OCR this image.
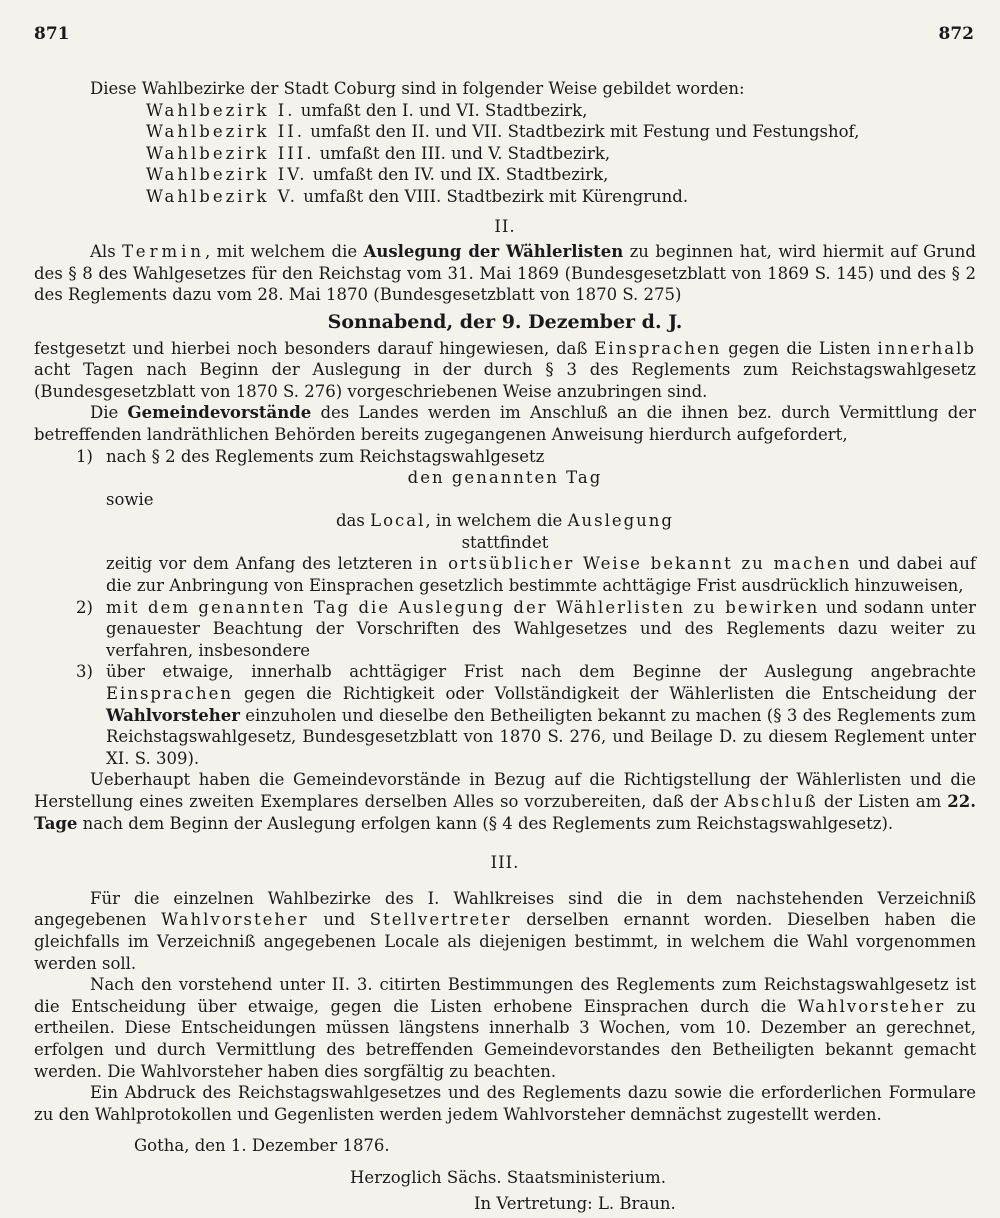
871	872

Diese Wahlbezirke der Stadt Coburg sind in folgender Weise gebildet worden:

Wahlbezirk I. umfaßt den I. und VI. Stadtbezirk,
Wahlbezirk II. umfaßt den II. und VII. Stadtbezirk mit Festung und Festungshof,
Wahlbezirk III. umfaßt den III. und V. Stadtbezirk,
Wahlbezirk IV. umfaßt den IV. und IX. Stadtbezirk,
Wahlbezirk V. umfaßt den VIII. Stadtbezirk mit Kürengrund.
II.

Als Termin, mit welchem die Auslegung der Wählerlisten zu beginnen hat, wird hiermit auf Grund des § 8 des Wahlgesetzes für den Reichstag vom 31. Mai 1869 (Bundesgesetzblatt von 1869 S. 145) und des § 2 des Reglements dazu vom 28. Mai 1870 (Bundesgesetzblatt von 1870 S. 275)

Sonnabend, der 9. Dezember d. J.

festgesetzt und hierbei noch besonders darauf hingewiesen, daß Einsprachen gegen die Listen innerhalb acht Tagen nach Beginn der Auslegung in der durch § 3 des Reglements zum Reichstagswahlgesetz (Bundesgesetzblatt von 1870 S. 276) vorgeschriebenen Weise anzubringen sind.

Die Gemeindevorstände des Landes werden im Anschluß an die ihnen bez. durch Vermittlung der betreffenden landräthlichen Behörden bereits zugegangenen Anweisung hierdurch aufgefordert,

1) nach § 2 des Reglements zum Reichstagswahlgesetz
den genannten Tag
sowie
das Local, in welchem die Auslegung
stattfindet

zeitig vor dem Anfang des letzteren in ortsüblicher Weise bekannt zu machen und dabei auf die zur Anbringung von Einsprachen gesetzlich bestimmte achttägige Frist ausdrücklich hinzuweisen,

2) mit dem genannten Tag die Auslegung der Wählerlisten zu bewirken und sodann unter genauester Beachtung der Vorschriften des Wahlgesetzes und des Reglements dazu weiter zu verfahren, insbesondere
3) über etwaige, innerhalb achttägiger Frist nach dem Beginne der Auslegung angebrachte Einsprachen gegen die Richtigkeit oder Vollständigkeit der Wählerlisten die Entscheidung der Wahlvorsteher einzuholen und dieselbe den Betheiligten bekannt zu machen (§ 3 des Reglements zum Reichstagswahlgesetz, Bundesgesetzblatt von 1870 S. 276, und Beilage D. zu diesem Reglement unter XI. S. 309).

Ueberhaupt haben die Gemeindevorstände in Bezug auf die Richtigstellung der Wählerlisten und die Herstellung eines zweiten Exemplares derselben Alles so vorzubereiten, daß der Abschluß der Listen am 22. Tage nach dem Beginn der Auslegung erfolgen kann (§ 4 des Reglements zum Reichstagswahlgesetz).

III.

Für die einzelnen Wahlbezirke des I. Wahlkreises sind die in dem nachstehenden Verzeichniß angegebenen Wahlvorsteher und Stellvertreter derselben ernannt worden. Dieselben haben die gleichfalls im Verzeichniß angegebenen Locale als diejenigen bestimmt, in welchem die Wahl vorgenommen werden soll.

Nach den vorstehend unter II. 3. citirten Bestimmungen des Reglements zum Reichstagswahlgesetz ist die Entscheidung über etwaige, gegen die Listen erhobene Einsprachen durch die Wahlvorsteher zu ertheilen. Diese Entscheidungen müssen längstens innerhalb 3 Wochen, vom 10. Dezember an gerechnet, erfolgen und durch Vermittlung des betreffenden Gemeindevorstandes den Betheiligten bekannt gemacht werden. Die Wahlvorsteher haben dies sorgfältig zu beachten.

Ein Abdruck des Reichstagswahlgesetzes und des Reglements dazu sowie die erforderlichen Formulare zu den Wahlprotokollen und Gegenlisten werden jedem Wahlvorsteher demnächst zugestellt werden.

Gotha, den 1. Dezember 1876.
Herzoglich Sächs. Staatsministerium.
In Vertretung: L. Braun.
